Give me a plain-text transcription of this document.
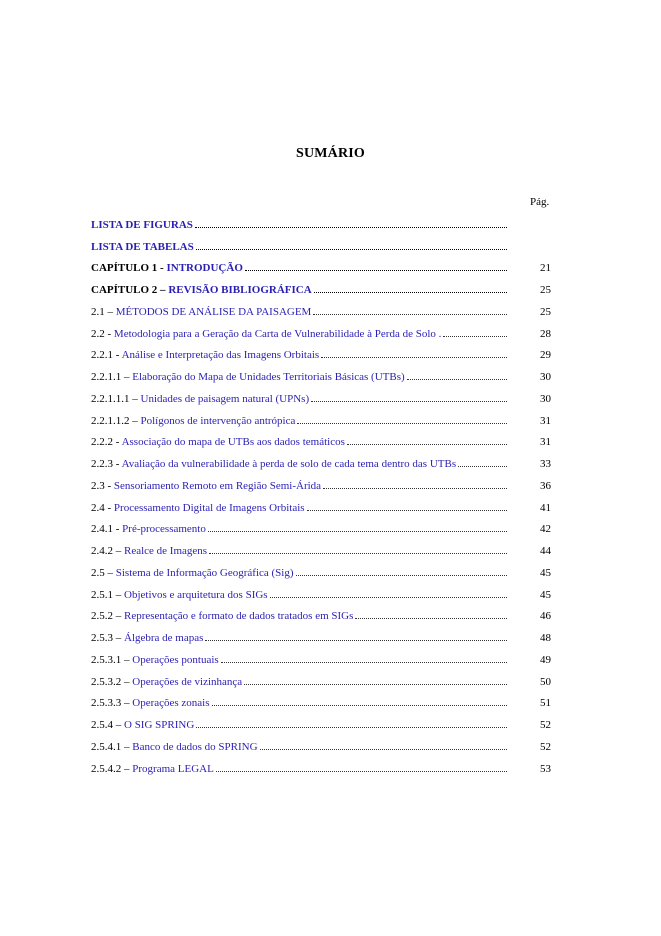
SUMÁRIO
Pág.
LISTA DE FIGURAS
LISTA DE TABELAS
CAPÍTULO 1 - INTRODUÇÃO	21
CAPÍTULO 2 – REVISÃO BIBLIOGRÁFICA	25
2.1 – MÉTODOS DE ANÁLISE DA PAISAGEM	25
2.2 - Metodologia para a Geração da Carta de Vulnerabilidade à Perda de Solo .	28
2.2.1 - Análise e Interpretação das Imagens Orbitais	29
2.2.1.1 – Elaboração do Mapa de Unidades Territoriais Básicas (UTBs)	30
2.2.1.1.1 – Unidades de paisagem natural (UPNs)	30
2.2.1.1.2 – Polígonos de intervenção antrópica	31
2.2.2 - Associação do mapa de UTBs aos dados temáticos	31
2.2.3 - Avaliação da vulnerabilidade à perda de solo de cada tema dentro das UTBs	33
2.3 - Sensoriamento Remoto em Região Semi-Árida	36
2.4 - Processamento Digital de Imagens Orbitais	41
2.4.1 - Pré-processamento	42
2.4.2 – Realce de Imagens	44
2.5 – Sistema de Informação Geográfica (Sig)	45
2.5.1 – Objetivos e arquitetura dos SIGs	45
2.5.2 – Representação e formato de dados tratados em SIGs	46
2.5.3 – Álgebra de mapas	48
2.5.3.1 – Operações pontuais	49
2.5.3.2 – Operações de vizinhança	50
2.5.3.3 – Operações zonais	51
2.5.4 – O SIG SPRING	52
2.5.4.1 – Banco de dados do SPRING	52
2.5.4.2 – Programa LEGAL	53
